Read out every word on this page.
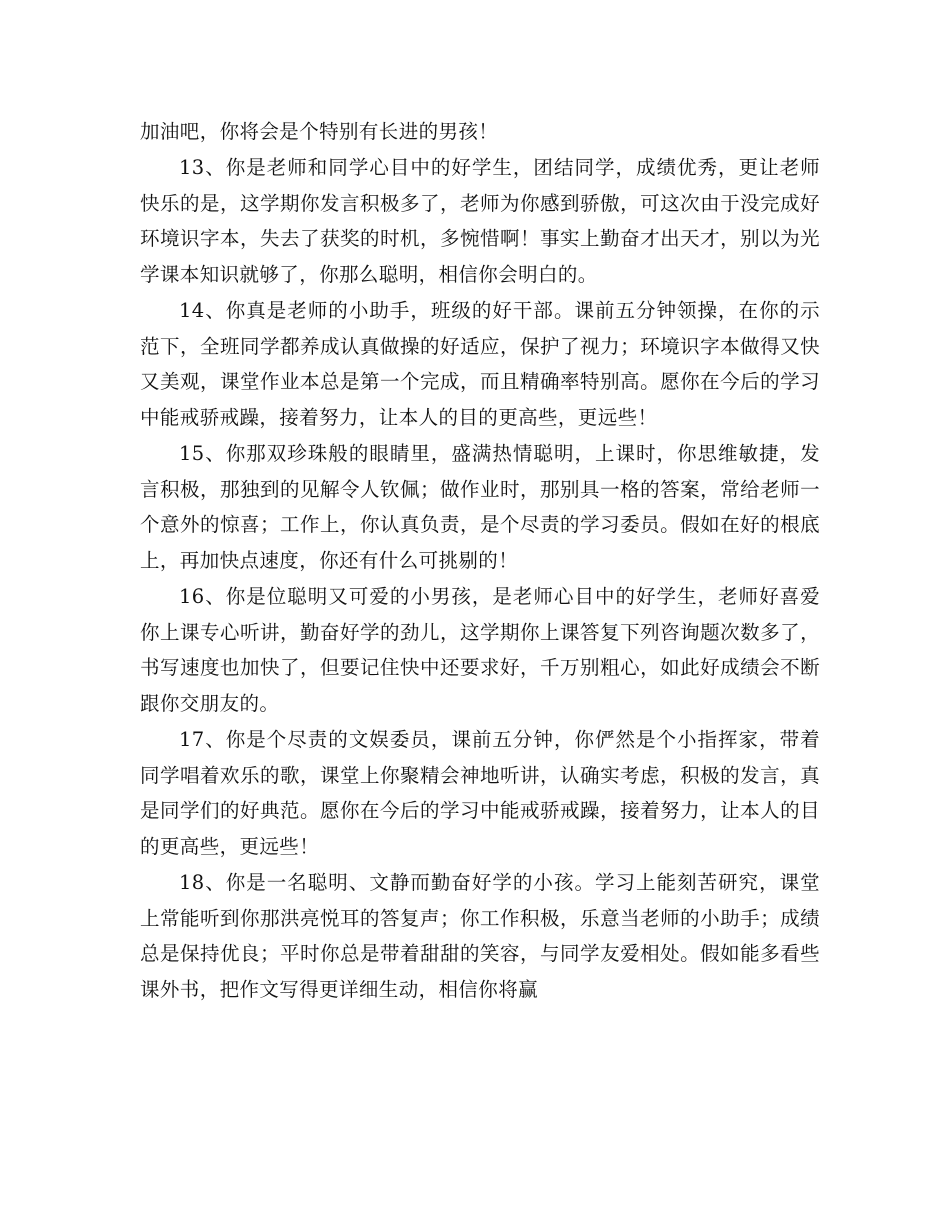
加油吧，你将会是个特别有长进的男孩！

13、你是老师和同学心目中的好学生，团结同学，成绩优秀，更让老师快乐的是，这学期你发言积极多了，老师为你感到骄傲，可这次由于没完成好环境识字本，失去了获奖的时机，多惋惜啊！事实上勤奋才出天才，别以为光学课本知识就够了，你那么聪明，相信你会明白的。

14、你真是老师的小助手，班级的好干部。课前五分钟领操，在你的示范下，全班同学都养成认真做操的好适应，保护了视力；环境识字本做得又快又美观，课堂作业本总是第一个完成，而且精确率特别高。愿你在今后的学习中能戒骄戒躁，接着努力，让本人的目的更高些，更远些！

15、你那双珍珠般的眼睛里，盛满热情聪明，上课时，你思维敏捷，发言积极，那独到的见解令人钦佩；做作业时，那别具一格的答案，常给老师一个意外的惊喜；工作上，你认真负责，是个尽责的学习委员。假如在好的根底上，再加快点速度，你还有什么可挑剔的！

16、你是位聪明又可爱的小男孩，是老师心目中的好学生，老师好喜爱你上课专心听讲，勤奋好学的劲儿，这学期你上课答复下列咨询题次数多了，书写速度也加快了，但要记住快中还要求好，千万别粗心，如此好成绩会不断跟你交朋友的。

17、你是个尽责的文娱委员，课前五分钟，你俨然是个小指挥家，带着同学唱着欢乐的歌，课堂上你聚精会神地听讲，认确实考虑，积极的发言，真是同学们的好典范。愿你在今后的学习中能戒骄戒躁，接着努力，让本人的目的更高些，更远些！

18、你是一名聪明、文静而勤奋好学的小孩。学习上能刻苦研究，课堂上常能听到你那洪亮悦耳的答复声；你工作积极，乐意当老师的小助手；成绩总是保持优良；平时你总是带着甜甜的笑容，与同学友爱相处。假如能多看些课外书，把作文写得更详细生动，相信你将赢
